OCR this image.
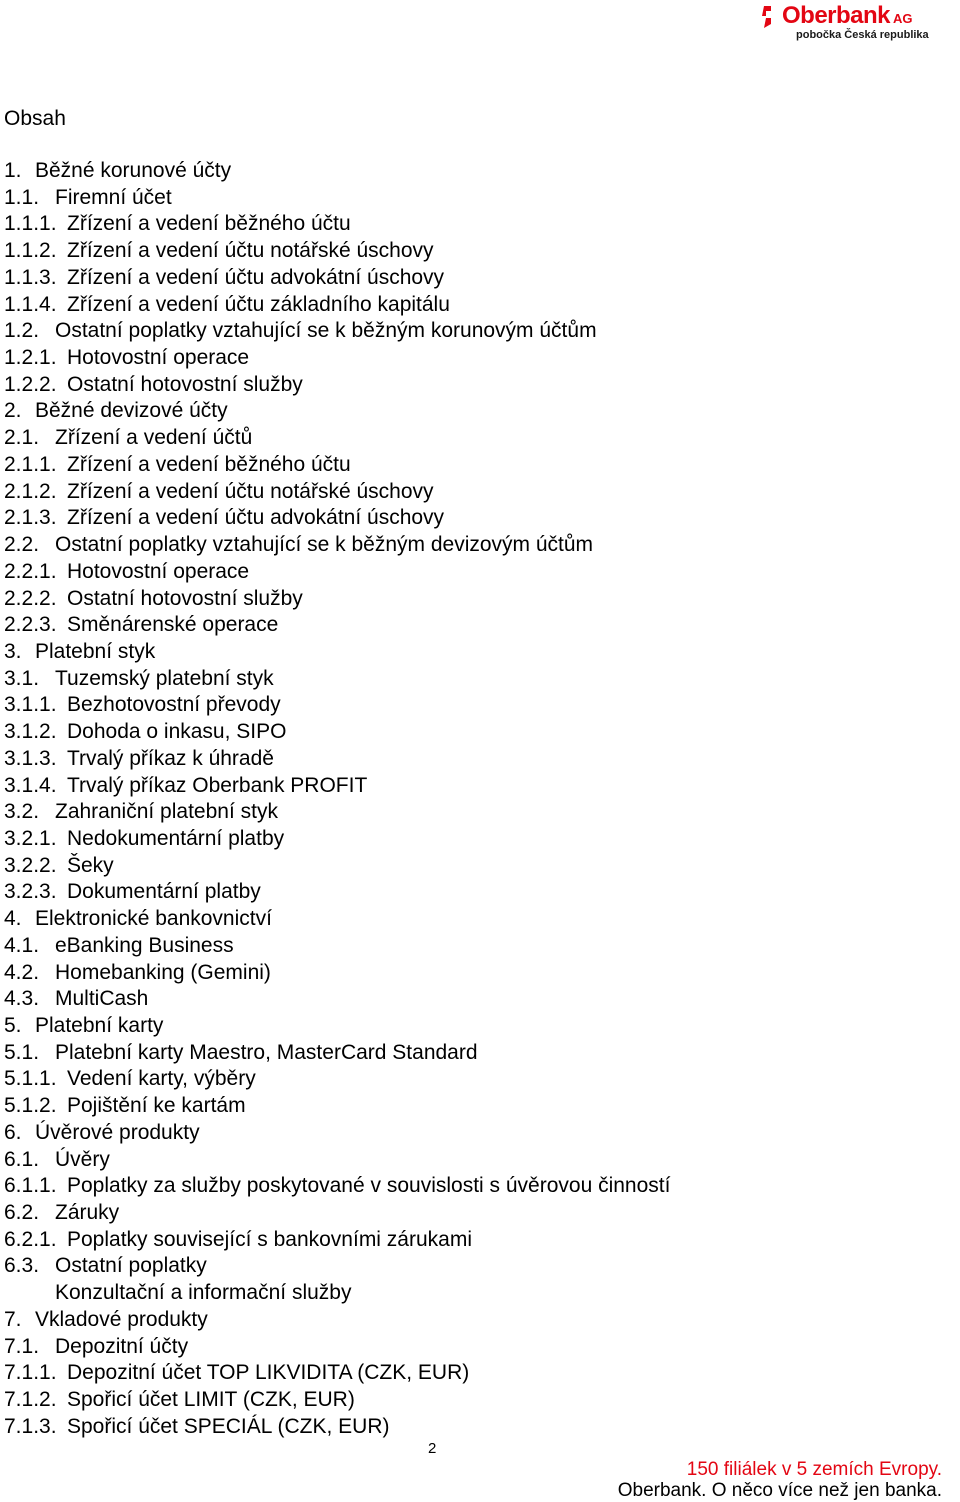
Oberbank AG
pobočka Česká republika
Obsah
1. Běžné korunové účty
1.1. Firemní účet
1.1.1. Zřízení a vedení běžného účtu
1.1.2. Zřízení a vedení účtu notářské úschovy
1.1.3. Zřízení a vedení účtu advokátní úschovy
1.1.4. Zřízení a vedení účtu základního kapitálu
1.2. Ostatní poplatky vztahující se k běžným korunovým účtům
1.2.1. Hotovostní operace
1.2.2. Ostatní hotovostní služby
2. Běžné devizové účty
2.1. Zřízení a vedení účtů
2.1.1. Zřízení a vedení běžného účtu
2.1.2. Zřízení a vedení účtu notářské úschovy
2.1.3. Zřízení a vedení účtu advokátní úschovy
2.2. Ostatní poplatky vztahující se k běžným devizovým účtům
2.2.1. Hotovostní operace
2.2.2. Ostatní hotovostní služby
2.2.3. Směnárenské operace
3. Platební styk
3.1. Tuzemský platební styk
3.1.1. Bezhotovostní převody
3.1.2. Dohoda o inkasu, SIPO
3.1.3. Trvalý příkaz k úhradě
3.1.4. Trvalý příkaz Oberbank PROFIT
3.2. Zahraniční platební styk
3.2.1. Nedokumentární platby
3.2.2. Šeky
3.2.3. Dokumentární platby
4. Elektronické bankovnictví
4.1. eBanking Business
4.2. Homebanking (Gemini)
4.3. MultiCash
5. Platební karty
5.1. Platební karty Maestro, MasterCard Standard
5.1.1. Vedení karty, výběry
5.1.2. Pojištění ke kartám
6. Úvěrové produkty
6.1. Úvěry
6.1.1. Poplatky za služby poskytované v souvislosti s úvěrovou činností
6.2. Záruky
6.2.1. Poplatky související s bankovními zárukami
6.3. Ostatní poplatky
Konzultační a informační služby
7. Vkladové produkty
7.1. Depozitní účty
7.1.1. Depozitní účet TOP LIKVIDITA (CZK, EUR)
7.1.2. Spořicí účet LIMIT (CZK, EUR)
7.1.3. Spořicí účet SPECIÁL (CZK, EUR)
2
150 filiálek v 5 zemích Evropy.
Oberbank. O něco více než jen banka.
